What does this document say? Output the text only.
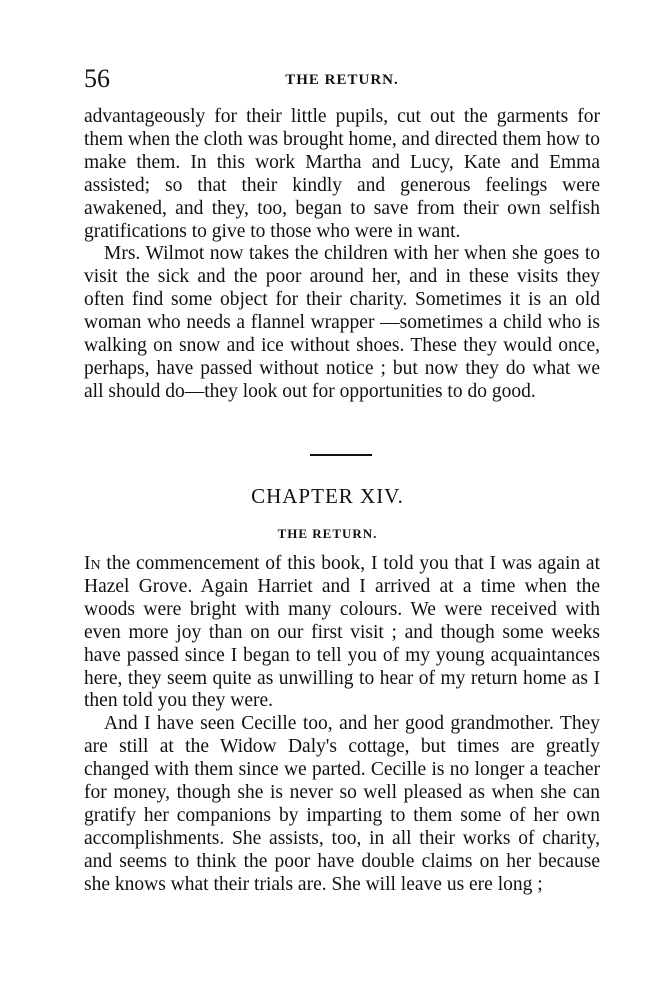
56	THE RETURN.

advantageously for their little pupils, cut out the garments for them when the cloth was brought home, and directed them how to make them. In this work Martha and Lucy, Kate and Emma assisted; so that their kindly and generous feelings were awakened, and they, too, began to save from their own selfish gratifications to give to those who were in want.

Mrs. Wilmot now takes the children with her when she goes to visit the sick and the poor around her, and in these visits they often find some object for their charity. Sometimes it is an old woman who needs a flannel wrapper —sometimes a child who is walking on snow and ice without shoes. These they would once, perhaps, have passed without notice ; but now they do what we all should do—they look out for opportunities to do good.

CHAPTER XIV.
THE RETURN.

In the commencement of this book, I told you that I was again at Hazel Grove. Again Harriet and I arrived at a time when the woods were bright with many colours. We were received with even more joy than on our first visit ; and though some weeks have passed since I began to tell you of my young acquaintances here, they seem quite as unwilling to hear of my return home as I then told you they were.

And I have seen Cecille too, and her good grandmother. They are still at the Widow Daly's cottage, but times are greatly changed with them since we parted. Cecille is no longer a teacher for money, though she is never so well pleased as when she can gratify her companions by imparting to them some of her own accomplishments. She assists, too, in all their works of charity, and seems to think the poor have double claims on her because she knows what their trials are. She will leave us ere long ;
